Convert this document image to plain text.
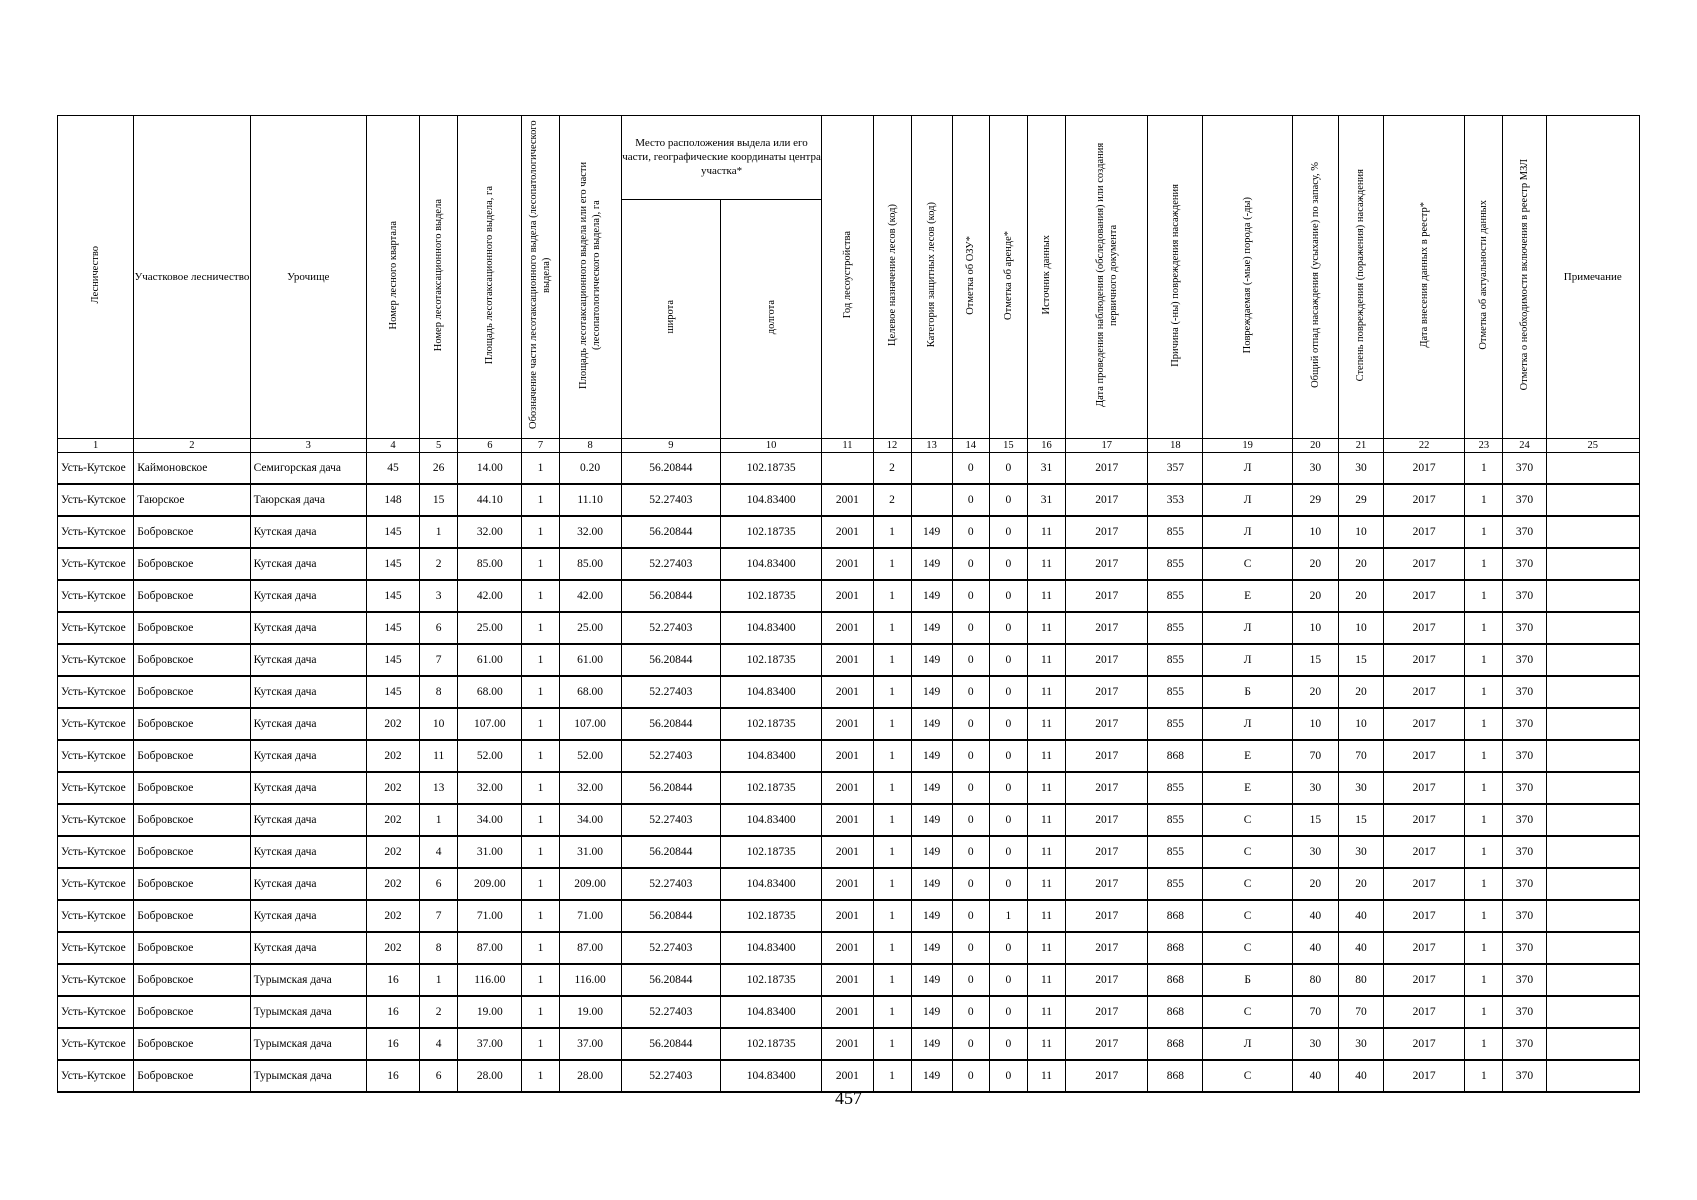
Лесничество	Участковое лесничество	Урочище	Номер лесного квартала	Номер лесотаксационного выдела	Площадь лесотаксационного выдела, га	Обозначение части лесотаксационного выдела (лесопатологического выдела)	Площадь лесотаксационного выдела или его части (лесопатологического выдела), га	Место расположения выдела или его части, географические координаты центра участка*		Год лесоустройства	Целевое назначение лесов (код)	Категория защитных лесов (код)	Отметка об ОЗУ*	Отметка об аренде*	Источник данных	Дата проведения наблюдения (обследования) или создания первичного документа	Причина (-ны) повреждения насаждения	Повреждаемая (-мые) порода (-ды)	Общий отпад насаждения (усыхание) по запасу, %	Степень повреждения (поражения) насаждения	Дата внесения данных в реестр*	Отметка об актуальности данных	Отметка о необходимости включения в реестр МЗЛ	Примечание
								широта	долгота															
1	2	3	4	5	6	7	8	9	10	11	12	13	14	15	16	17	18	19	20	21	22	23	24	25
Усть-Кутское	Каймоновское	Семигорская дача	45	26	14.00	1	0.20	56.20844	102.18735		2		0	0	31	2017	357	Л	30	30	2017	1	370	
Усть-Кутское	Таюрское	Таюрская дача	148	15	44.10	1	11.10	52.27403	104.83400	2001	2		0	0	31	2017	353	Л	29	29	2017	1	370	
Усть-Кутское	Бобровское	Кутская дача	145	1	32.00	1	32.00	56.20844	102.18735	2001	1	149	0	0	11	2017	855	Л	10	10	2017	1	370	
Усть-Кутское	Бобровское	Кутская дача	145	2	85.00	1	85.00	52.27403	104.83400	2001	1	149	0	0	11	2017	855	С	20	20	2017	1	370	
Усть-Кутское	Бобровское	Кутская дача	145	3	42.00	1	42.00	56.20844	102.18735	2001	1	149	0	0	11	2017	855	Е	20	20	2017	1	370	
Усть-Кутское	Бобровское	Кутская дача	145	6	25.00	1	25.00	52.27403	104.83400	2001	1	149	0	0	11	2017	855	Л	10	10	2017	1	370	
Усть-Кутское	Бобровское	Кутская дача	145	7	61.00	1	61.00	56.20844	102.18735	2001	1	149	0	0	11	2017	855	Л	15	15	2017	1	370	
Усть-Кутское	Бобровское	Кутская дача	145	8	68.00	1	68.00	52.27403	104.83400	2001	1	149	0	0	11	2017	855	Б	20	20	2017	1	370	
Усть-Кутское	Бобровское	Кутская дача	202	10	107.00	1	107.00	56.20844	102.18735	2001	1	149	0	0	11	2017	855	Л	10	10	2017	1	370	
Усть-Кутское	Бобровское	Кутская дача	202	11	52.00	1	52.00	52.27403	104.83400	2001	1	149	0	0	11	2017	868	Е	70	70	2017	1	370	
Усть-Кутское	Бобровское	Кутская дача	202	13	32.00	1	32.00	56.20844	102.18735	2001	1	149	0	0	11	2017	855	Е	30	30	2017	1	370	
Усть-Кутское	Бобровское	Кутская дача	202	1	34.00	1	34.00	52.27403	104.83400	2001	1	149	0	0	11	2017	855	С	15	15	2017	1	370	
Усть-Кутское	Бобровское	Кутская дача	202	4	31.00	1	31.00	56.20844	102.18735	2001	1	149	0	0	11	2017	855	С	30	30	2017	1	370	
Усть-Кутское	Бобровское	Кутская дача	202	6	209.00	1	209.00	52.27403	104.83400	2001	1	149	0	0	11	2017	855	С	20	20	2017	1	370	
Усть-Кутское	Бобровское	Кутская дача	202	7	71.00	1	71.00	56.20844	102.18735	2001	1	149	0	1	11	2017	868	С	40	40	2017	1	370	
Усть-Кутское	Бобровское	Кутская дача	202	8	87.00	1	87.00	52.27403	104.83400	2001	1	149	0	0	11	2017	868	С	40	40	2017	1	370	
Усть-Кутское	Бобровское	Турымская дача	16	1	116.00	1	116.00	56.20844	102.18735	2001	1	149	0	0	11	2017	868	Б	80	80	2017	1	370	
Усть-Кутское	Бобровское	Турымская дача	16	2	19.00	1	19.00	52.27403	104.83400	2001	1	149	0	0	11	2017	868	С	70	70	2017	1	370	
Усть-Кутское	Бобровское	Турымская дача	16	4	37.00	1	37.00	56.20844	102.18735	2001	1	149	0	0	11	2017	868	Л	30	30	2017	1	370	
Усть-Кутское	Бобровское	Турымская дача	16	6	28.00	1	28.00	52.27403	104.83400	2001	1	149	0	0	11	2017	868	С	40	40	2017	1	370	
457
